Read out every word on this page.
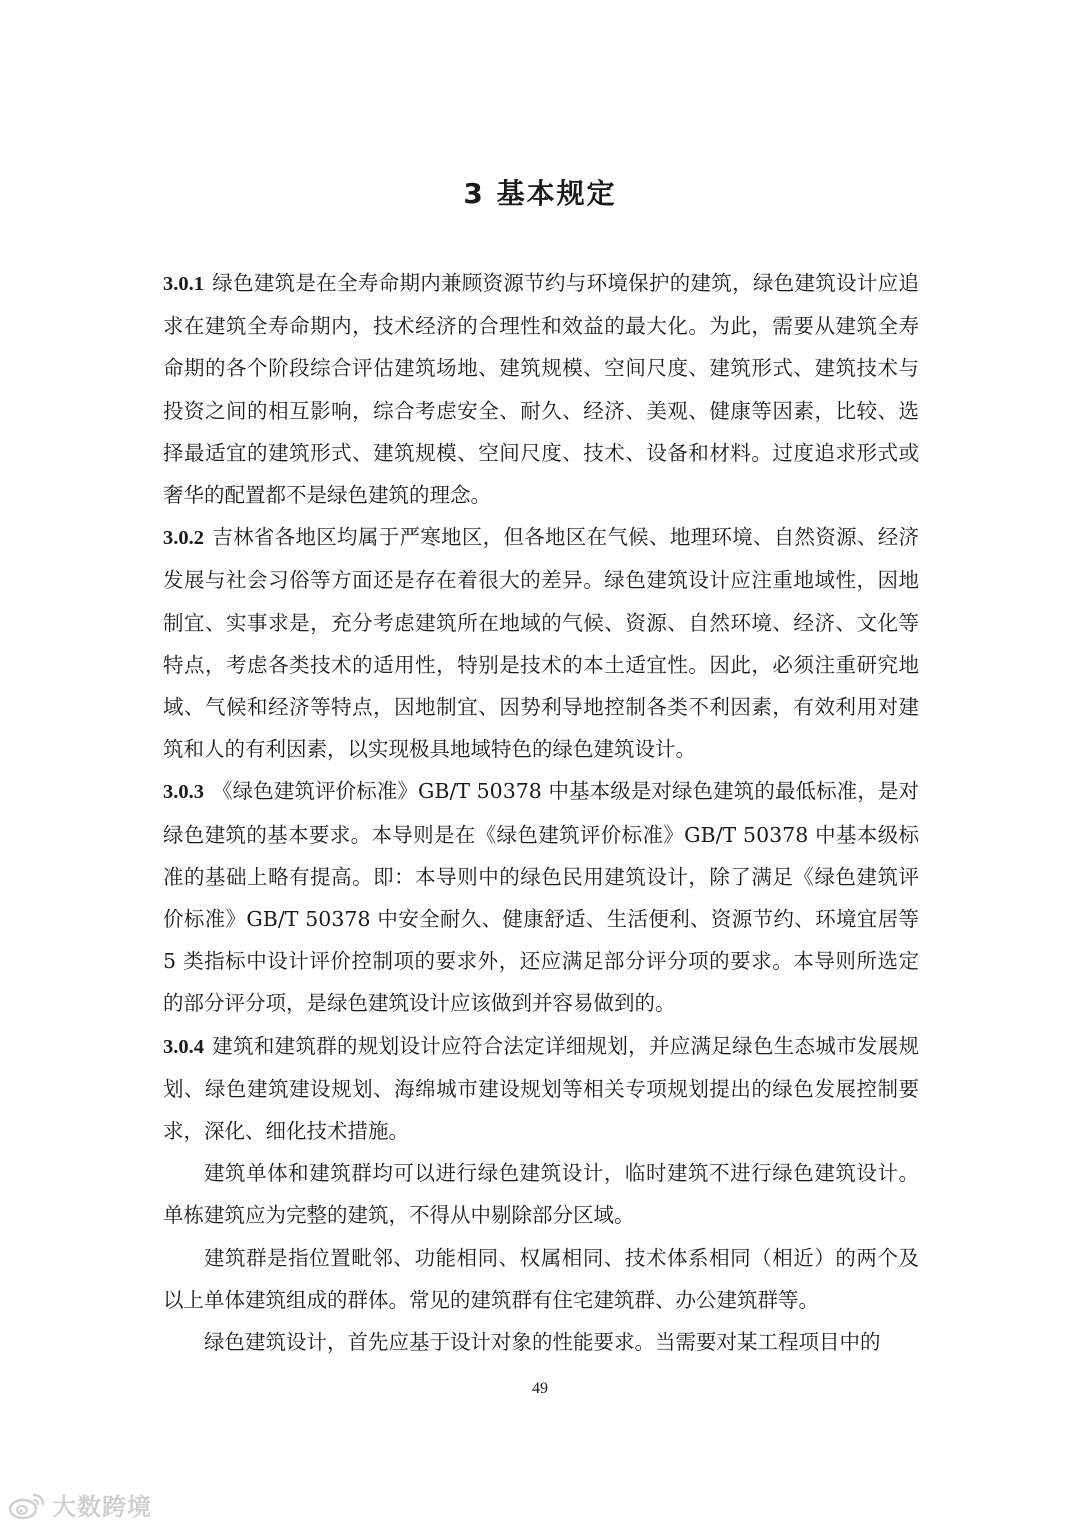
3 基本规定

3.0.1 绿色建筑是在全寿命期内兼顾资源节约与环境保护的建筑，绿色建筑设计应追求在建筑全寿命期内，技术经济的合理性和效益的最大化。为此，需要从建筑全寿命期的各个阶段综合评估建筑场地、建筑规模、空间尺度、建筑形式、建筑技术与投资之间的相互影响，综合考虑安全、耐久、经济、美观、健康等因素，比较、选择最适宜的建筑形式、建筑规模、空间尺度、技术、设备和材料。过度追求形式或奢华的配置都不是绿色建筑的理念。

3.0.2 吉林省各地区均属于严寒地区，但各地区在气候、地理环境、自然资源、经济发展与社会习俗等方面还是存在着很大的差异。绿色建筑设计应注重地域性，因地制宜、实事求是，充分考虑建筑所在地域的气候、资源、自然环境、经济、文化等特点，考虑各类技术的适用性，特别是技术的本土适宜性。因此，必须注重研究地域、气候和经济等特点，因地制宜、因势利导地控制各类不利因素，有效利用对建筑和人的有利因素，以实现极具地域特色的绿色建筑设计。

3.0.3 《绿色建筑评价标准》GB/T 50378 中基本级是对绿色建筑的最低标准，是对绿色建筑的基本要求。本导则是在《绿色建筑评价标准》GB/T 50378 中基本级标准的基础上略有提高。即：本导则中的绿色民用建筑设计，除了满足《绿色建筑评价标准》GB/T 50378 中安全耐久、健康舒适、生活便利、资源节约、环境宜居等 5 类指标中设计评价控制项的要求外，还应满足部分评分项的要求。本导则所选定的部分评分项，是绿色建筑设计应该做到并容易做到的。

3.0.4 建筑和建筑群的规划设计应符合法定详细规划，并应满足绿色生态城市发展规划、绿色建筑建设规划、海绵城市建设规划等相关专项规划提出的绿色发展控制要求，深化、细化技术措施。

建筑单体和建筑群均可以进行绿色建筑设计，临时建筑不进行绿色建筑设计。单栋建筑应为完整的建筑，不得从中剔除部分区域。

建筑群是指位置毗邻、功能相同、权属相同、技术体系相同（相近）的两个及以上单体建筑组成的群体。常见的建筑群有住宅建筑群、办公建筑群等。

绿色建筑设计，首先应基于设计对象的性能要求。当需要对某工程项目中的

49
大数跨境
